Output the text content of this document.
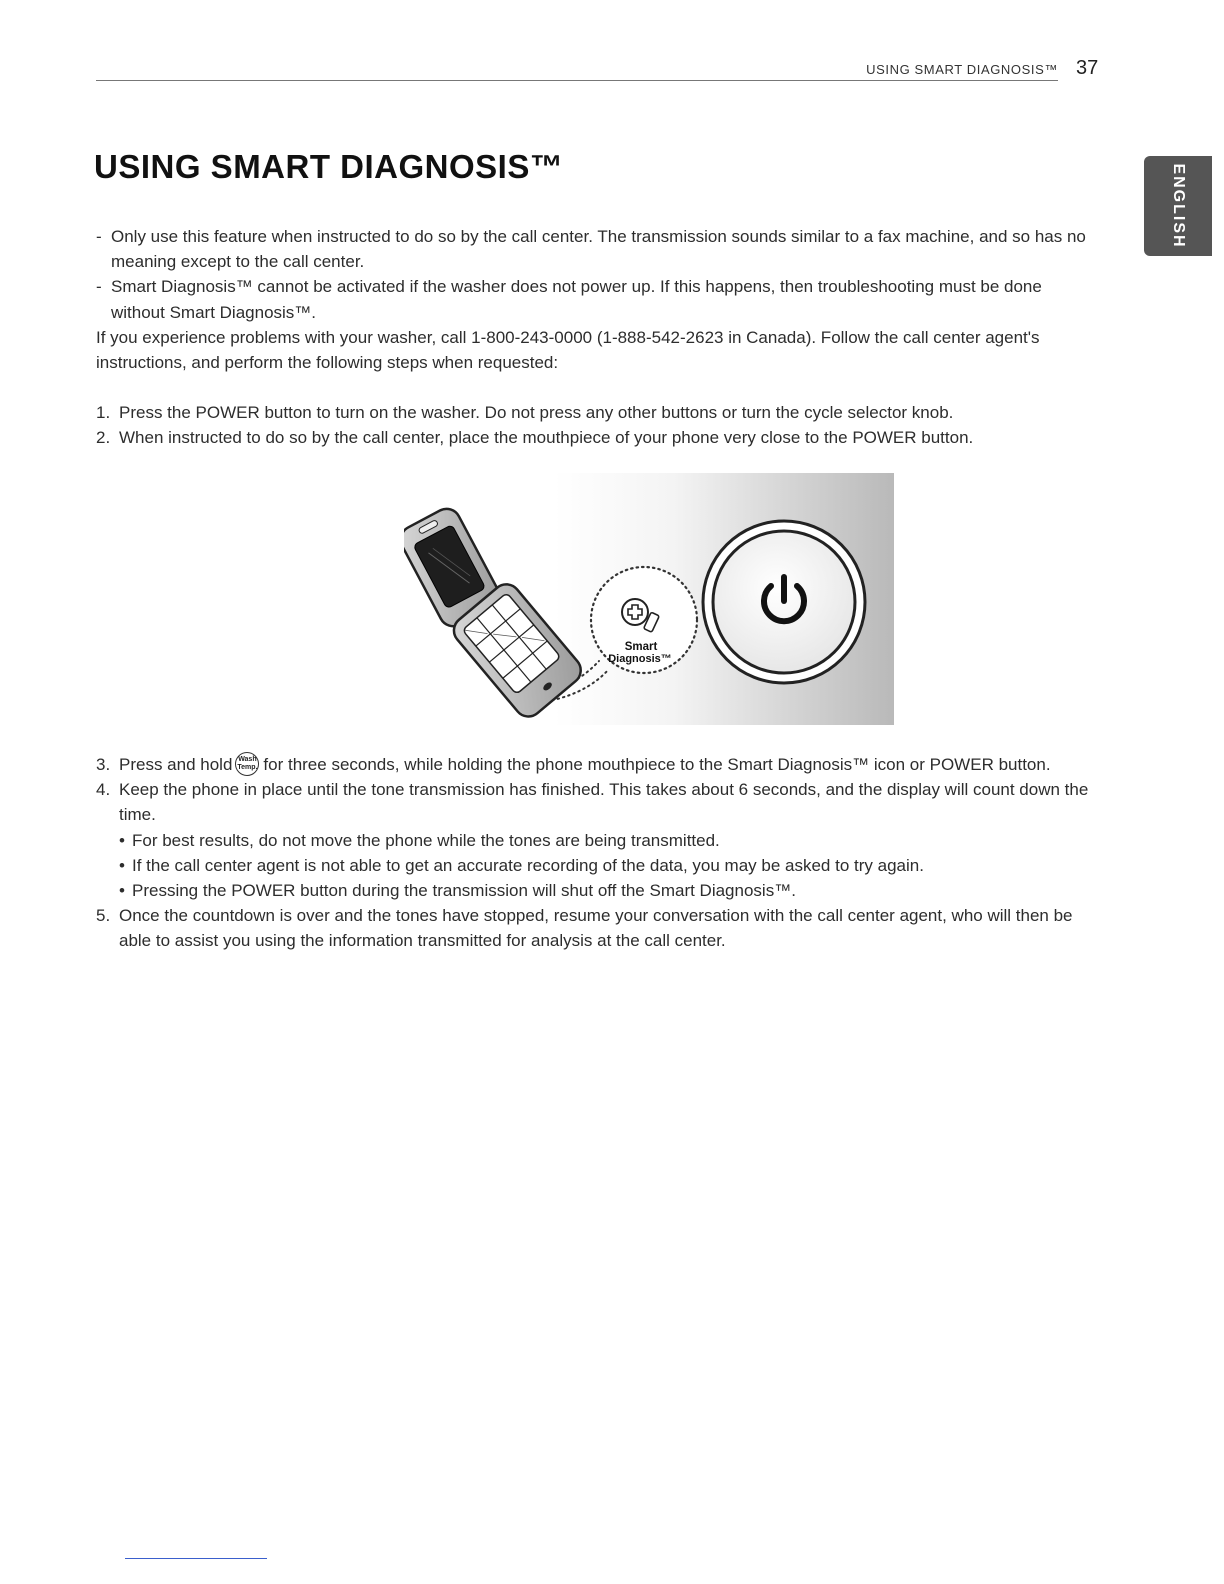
USING SMART DIAGNOSIS™ 37
ENGLISH
USING SMART DIAGNOSIS™
- Only use this feature when instructed to do so by the call center. The transmission sounds similar to a fax machine, and so has no meaning except to the call center.
- Smart Diagnosis™ cannot be activated if the washer does not power up. If this happens, then troubleshooting must be done without Smart Diagnosis™.
If you experience problems with your washer, call 1-800-243-0000 (1-888-542-2623 in Canada). Follow the call center agent's instructions, and perform the following steps when requested:
1. Press the POWER button to turn on the washer. Do not press any other buttons or turn the cycle selector knob.
2. When instructed to do so by the call center, place the mouthpiece of your phone very close to the POWER button.
Smart
Diagnosis™
3. Press and hold Wash
Temp. for three seconds, while holding the phone mouthpiece to the Smart Diagnosis™ icon or POWER button.
4. Keep the phone in place until the tone transmission has finished. This takes about 6 seconds, and the display will count down the time.
• For best results, do not move the phone while the tones are being transmitted.
• If the call center agent is not able to get an accurate recording of the data, you may be asked to try again.
• Pressing the POWER button during the transmission will shut off the Smart Diagnosis™.
5. Once the countdown is over and the tones have stopped, resume your conversation with the call center agent, who will then be able to assist you using the information transmitted for analysis at the call center.
